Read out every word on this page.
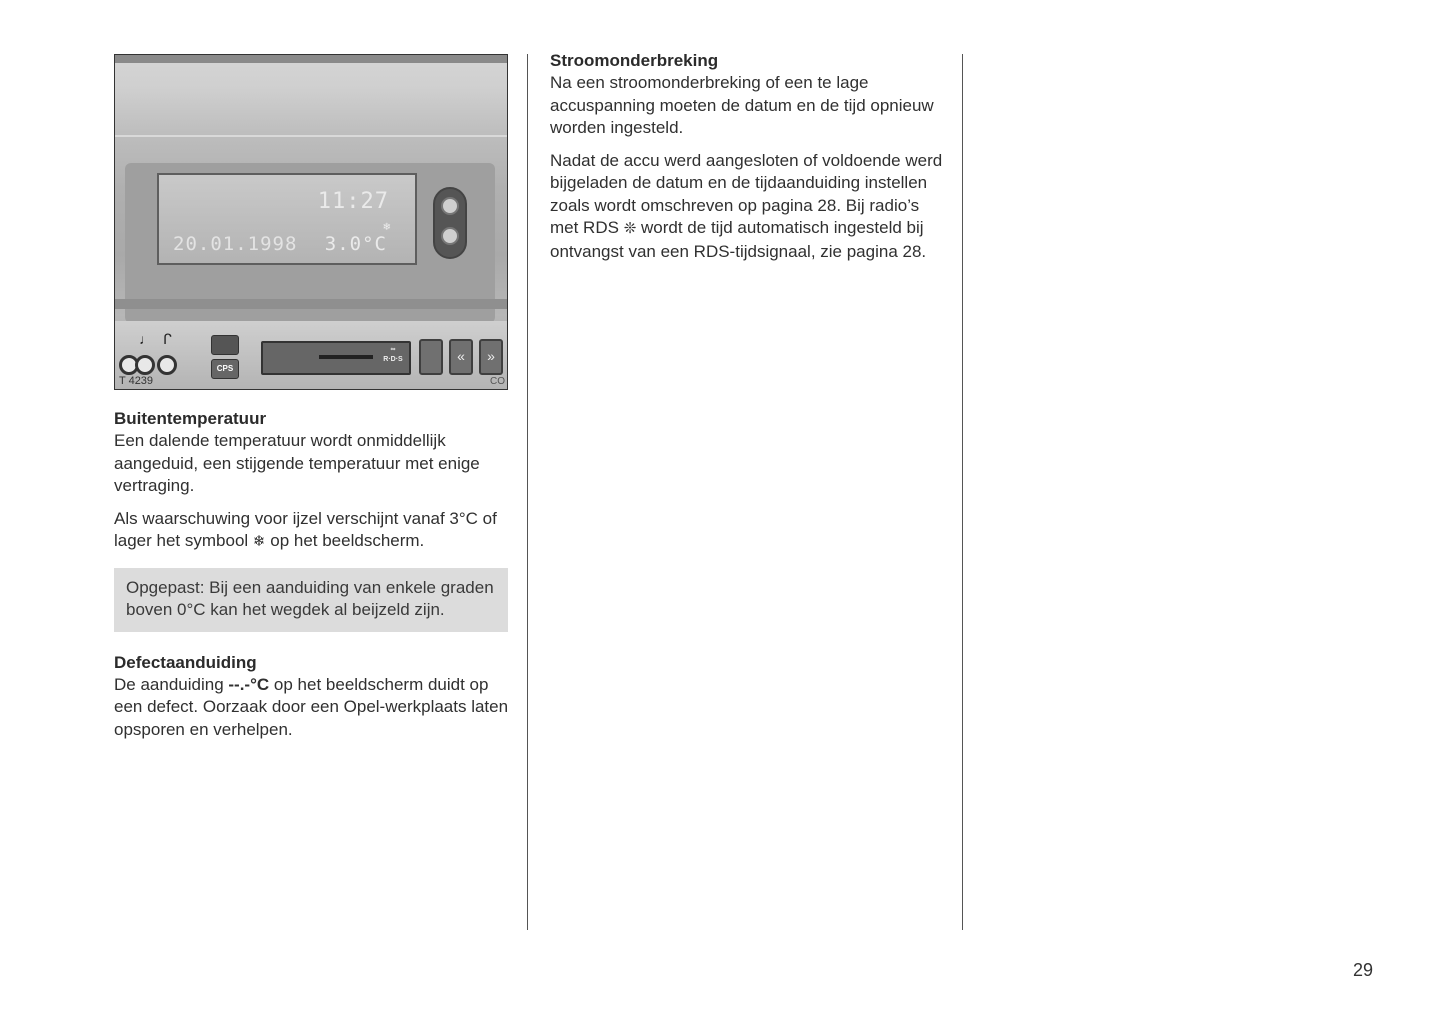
11:27
❄
20.01.1998 3.0°C
♩ ᒋ
CPS
∞
R·D·S	«	»
T 4239	CO
Buitentemperatuur

Een dalende temperatuur wordt onmiddellijk aangeduid, een stijgende temperatuur met enige vertraging.

Als waarschuwing voor ijzel verschijnt vanaf 3°C of lager het symbool ❄ op het beeldscherm.

Opgepast: Bij een aanduiding van enkele graden boven 0°C kan het wegdek al beijzeld zijn.

Defectaanduiding

De aanduiding --.-°C op het beeldscherm duidt op een defect. Oorzaak door een Opel-werkplaats laten opsporen en verhelpen.

Stroomonderbreking

Na een stroomonderbreking of een te lage accuspanning moeten de datum en de tijd opnieuw worden ingesteld.

Nadat de accu werd aangesloten of voldoende werd bijgeladen de datum en de tijdaanduiding instellen zoals wordt omschreven op pagina 28. Bij radio’s met RDS ❊ wordt de tijd automatisch ingesteld bij ontvangst van een RDS-tijdsignaal, zie pagina 28.

29
